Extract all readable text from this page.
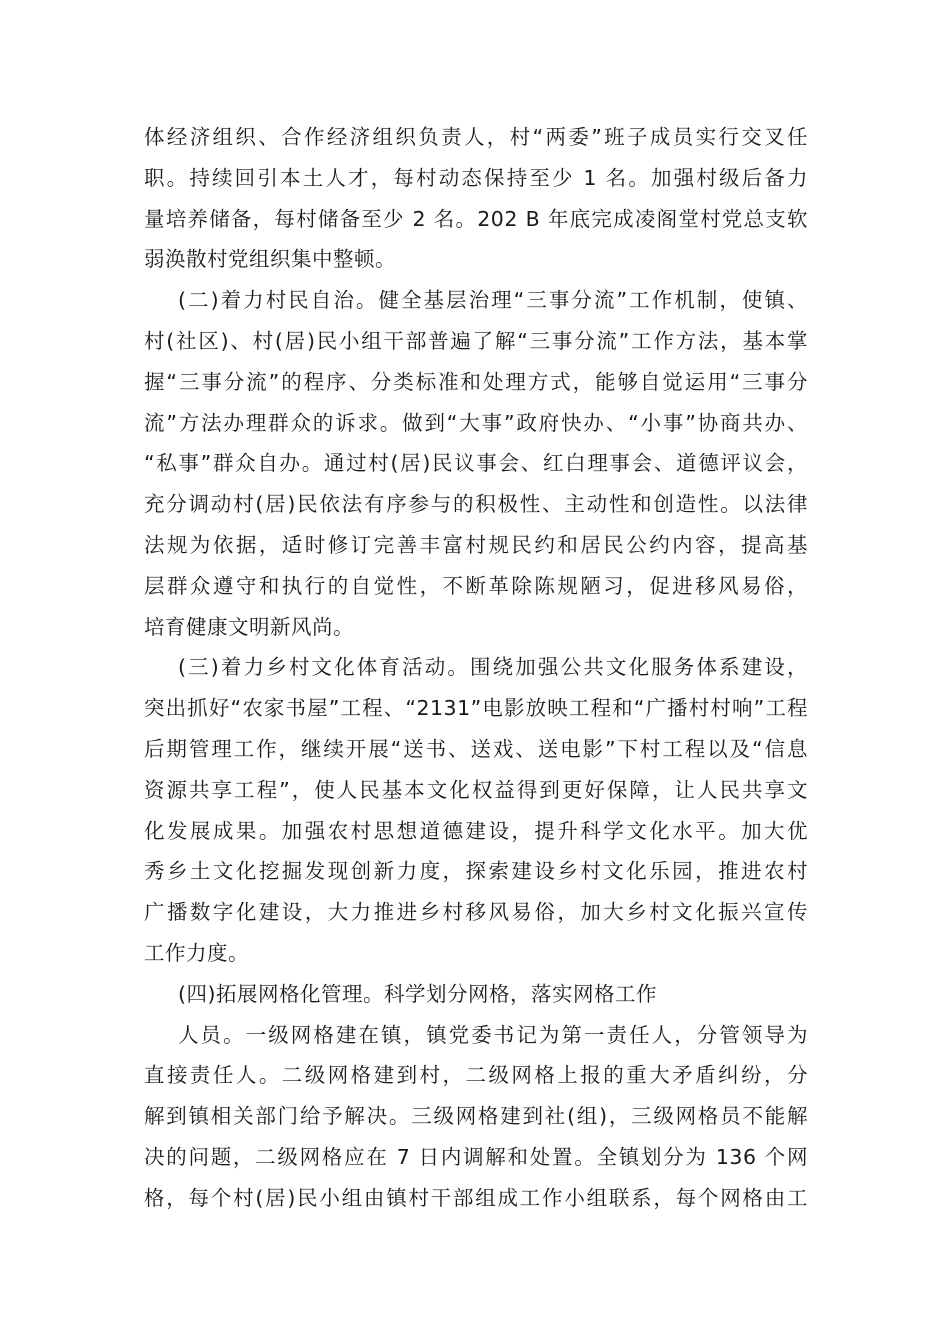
体经济组织、合作经济组织负责人，村“两委”班子成员实行交叉任
职。持续回引本土人才，每村动态保持至少 1 名。加强村级后备力
量培养储备，每村储备至少 2 名。202 B 年底完成凌阁堂村党总支软
弱涣散村党组织集中整顿。
(二)着力村民自治。健全基层治理“三事分流”工作机制，使镇、
村(社区)、村(居)民小组干部普遍了解“三事分流”工作方法，基本掌
握“三事分流”的程序、分类标准和处理方式，能够自觉运用“三事分
流”方法办理群众的诉求。做到“大事”政府快办、“小事”协商共办、
“私事”群众自办。通过村(居)民议事会、红白理事会、道德评议会，
充分调动村(居)民依法有序参与的积极性、主动性和创造性。以法律
法规为依据，适时修订完善丰富村规民约和居民公约内容，提高基
层群众遵守和执行的自觉性，不断革除陈规陋习，促进移风易俗，
培育健康文明新风尚。
(三)着力乡村文化体育活动。围绕加强公共文化服务体系建设，
突出抓好“农家书屋”工程、“2131”电影放映工程和“广播村村响”工程
后期管理工作，继续开展“送书、送戏、送电影”下村工程以及“信息
资源共享工程”，使人民基本文化权益得到更好保障，让人民共享文
化发展成果。加强农村思想道德建设，提升科学文化水平。加大优
秀乡土文化挖掘发现创新力度，探索建设乡村文化乐园，推进农村
广播数字化建设，大力推进乡村移风易俗，加大乡村文化振兴宣传
工作力度。
(四)拓展网格化管理。科学划分网格，落实网格工作
人员。一级网格建在镇，镇党委书记为第一责任人，分管领导为
直接责任人。二级网格建到村，二级网格上报的重大矛盾纠纷，分
解到镇相关部门给予解决。三级网格建到社(组)，三级网格员不能解
决的问题，二级网格应在 7 日内调解和处置。全镇划分为 136 个网
格，每个村(居)民小组由镇村干部组成工作小组联系，每个网格由工
